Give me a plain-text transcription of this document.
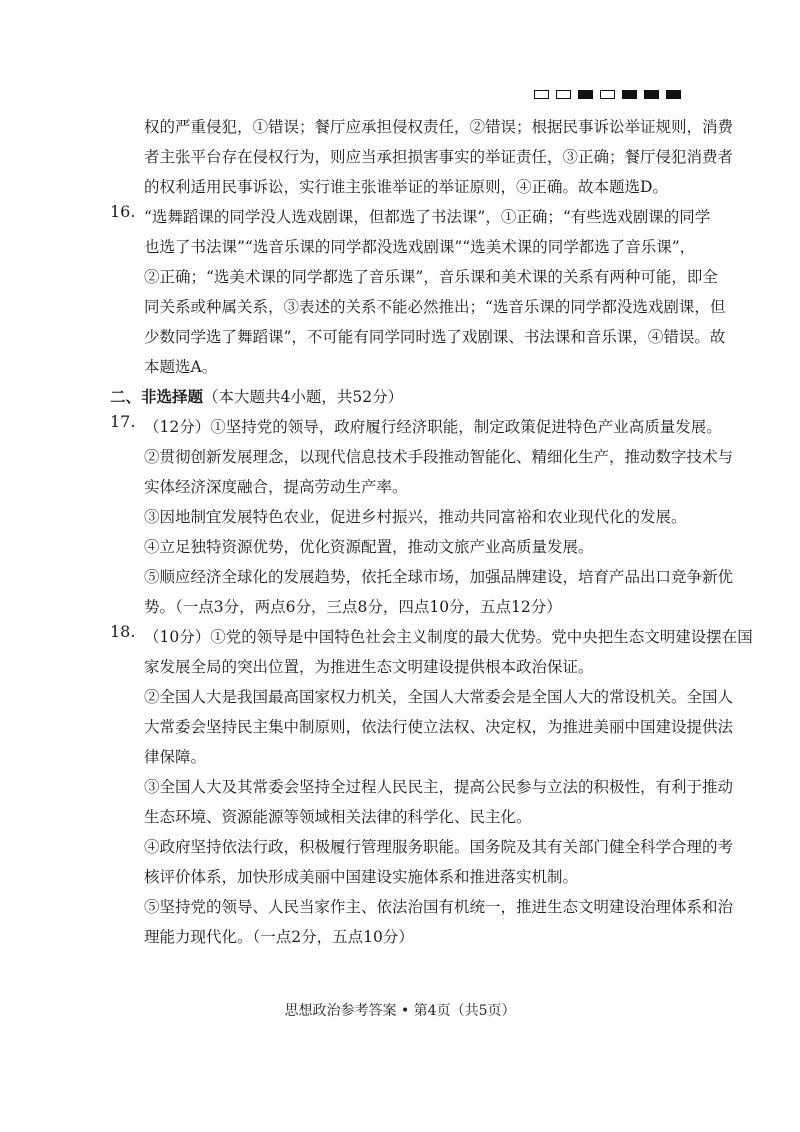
权的严重侵犯，①错误；餐厅应承担侵权责任，②错误；根据民事诉讼举证规则，消费
者主张平台存在侵权行为，则应当承担损害事实的举证责任，③正确；餐厅侵犯消费者
的权利适用民事诉讼，实行谁主张谁举证的举证原则，④正确。故本题选D。
16. “选舞蹈课的同学没人选戏剧课，但都选了书法课”，①正确；“有些选戏剧课的同学
也选了书法课”“选音乐课的同学都没选戏剧课”“选美术课的同学都选了音乐课”，
②正确；“选美术课的同学都选了音乐课”，音乐课和美术课的关系有两种可能，即全
同关系或种属关系，③表述的关系不能必然推出；“选音乐课的同学都没选戏剧课，但
少数同学选了舞蹈课”，不可能有同学同时选了戏剧课、书法课和音乐课，④错误。故
本题选A。
二、非选择题（本大题共4小题，共52分）
17. （12分）①坚持党的领导，政府履行经济职能，制定政策促进特色产业高质量发展。
②贯彻创新发展理念，以现代信息技术手段推动智能化、精细化生产，推动数字技术与
实体经济深度融合，提高劳动生产率。
③因地制宜发展特色农业，促进乡村振兴，推动共同富裕和农业现代化的发展。
④立足独特资源优势，优化资源配置，推动文旅产业高质量发展。
⑤顺应经济全球化的发展趋势，依托全球市场，加强品牌建设，培育产品出口竞争新优
势。（一点3分，两点6分，三点8分，四点10分，五点12分）
18. （10分）①党的领导是中国特色社会主义制度的最大优势。党中央把生态文明建设摆在国
家发展全局的突出位置，为推进生态文明建设提供根本政治保证。
②全国人大是我国最高国家权力机关，全国人大常委会是全国人大的常设机关。全国人
大常委会坚持民主集中制原则，依法行使立法权、决定权，为推进美丽中国建设提供法
律保障。
③全国人大及其常委会坚持全过程人民民主，提高公民参与立法的积极性，有利于推动
生态环境、资源能源等领域相关法律的科学化、民主化。
④政府坚持依法行政，积极履行管理服务职能。国务院及其有关部门健全科学合理的考
核评价体系，加快形成美丽中国建设实施体系和推进落实机制。
⑤坚持党的领导、人民当家作主、依法治国有机统一，推进生态文明建设治理体系和治
理能力现代化。（一点2分，五点10分）
思想政治参考答案 • 第4页（共5页）
